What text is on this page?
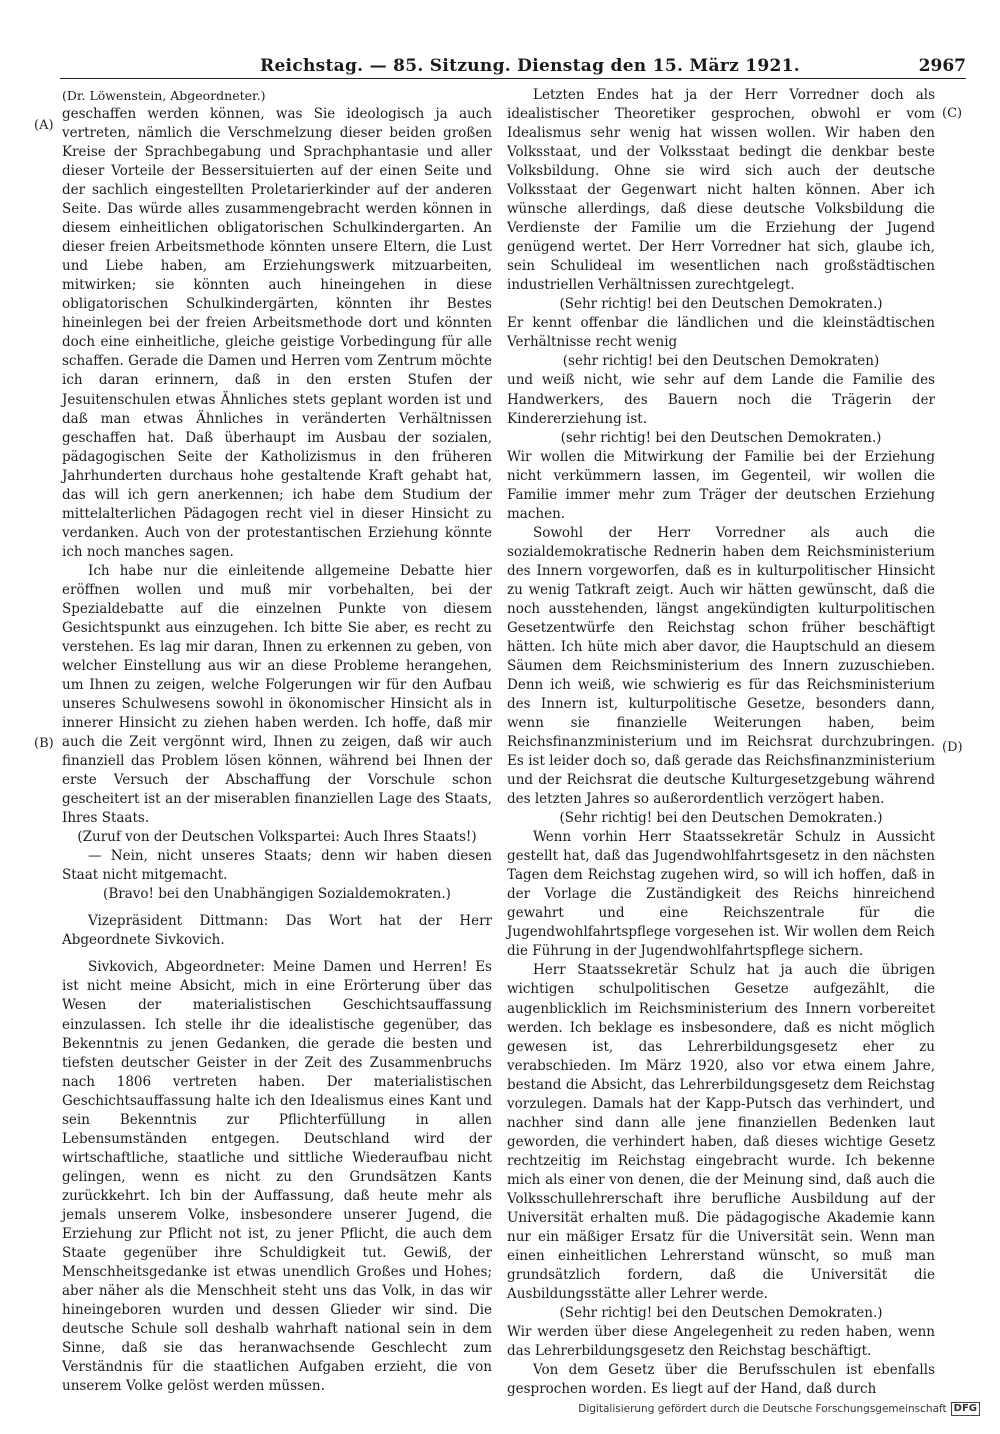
Reichstag. — 85. Sitzung. Dienstag den 15. März 1921.	2967
(A)
(B)
(C)
(D)

(Dr. Löwenstein, Abgeordneter.)

geschaffen werden können, was Sie ideologisch ja auch vertreten, nämlich die Verschmelzung dieser beiden großen Kreise der Sprachbegabung und Sprachphantasie und aller dieser Vorteile der Bessersituierten auf der einen Seite und der sachlich eingestellten Proletarierkinder auf der anderen Seite. Das würde alles zusammengebracht werden können in diesem einheitlichen obligatorischen Schulkindergarten. An dieser freien Arbeitsmethode könnten unsere Eltern, die Lust und Liebe haben, am Erziehungswerk mitzuarbeiten, mitwirken; sie könnten auch hineingehen in diese obligatorischen Schulkindergärten, könnten ihr Bestes hineinlegen bei der freien Arbeitsmethode dort und könnten doch eine einheitliche, gleiche geistige Vorbedingung für alle schaffen. Gerade die Damen und Herren vom Zentrum möchte ich daran erinnern, daß in den ersten Stufen der Jesuitenschulen etwas Ähnliches stets geplant worden ist und daß man etwas Ähnliches in veränderten Verhältnissen geschaffen hat. Daß überhaupt im Ausbau der sozialen, pädagogischen Seite der Katholizismus in den früheren Jahrhunderten durchaus hohe gestaltende Kraft gehabt hat, das will ich gern anerkennen; ich habe dem Studium der mittelalterlichen Pädagogen recht viel in dieser Hinsicht zu verdanken. Auch von der protestantischen Erziehung könnte ich noch manches sagen.

Ich habe nur die einleitende allgemeine Debatte hier eröffnen wollen und muß mir vorbehalten, bei der Spezialdebatte auf die einzelnen Punkte von diesem Gesichtspunkt aus einzugehen. Ich bitte Sie aber, es recht zu verstehen. Es lag mir daran, Ihnen zu erkennen zu geben, von welcher Einstellung aus wir an diese Probleme herangehen, um Ihnen zu zeigen, welche Folgerungen wir für den Aufbau unseres Schulwesens sowohl in ökonomischer Hinsicht als in innerer Hinsicht zu ziehen haben werden. Ich hoffe, daß mir auch die Zeit vergönnt wird, Ihnen zu zeigen, daß wir auch finanziell das Problem lösen können, während bei Ihnen der erste Versuch der Abschaffung der Vorschule schon gescheitert ist an der miserablen finanziellen Lage des Staats, Ihres Staats.

(Zuruf von der Deutschen Volkspartei: Auch Ihres Staats!)

— Nein, nicht unseres Staats; denn wir haben diesen Staat nicht mitgemacht.

(Bravo! bei den Unabhängigen Sozialdemokraten.)

Vizepräsident Dittmann: Das Wort hat der Herr Abgeordnete Sivkovich.

Sivkovich, Abgeordneter: Meine Damen und Herren! Es ist nicht meine Absicht, mich in eine Erörterung über das Wesen der materialistischen Geschichtsauffassung einzulassen. Ich stelle ihr die idealistische gegenüber, das Bekenntnis zu jenen Gedanken, die gerade die besten und tiefsten deutscher Geister in der Zeit des Zusammenbruchs nach 1806 vertreten haben. Der materialistischen Geschichtsauffassung halte ich den Idealismus eines Kant und sein Bekenntnis zur Pflichterfüllung in allen Lebensumständen entgegen. Deutschland wird der wirtschaftliche, staatliche und sittliche Wiederaufbau nicht gelingen, wenn es nicht zu den Grundsätzen Kants zurückkehrt. Ich bin der Auffassung, daß heute mehr als jemals unserem Volke, insbesondere unserer Jugend, die Erziehung zur Pflicht not ist, zu jener Pflicht, die auch dem Staate gegenüber ihre Schuldigkeit tut. Gewiß, der Menschheitsgedanke ist etwas unendlich Großes und Hohes; aber näher als die Menschheit steht uns das Volk, in das wir hineingeboren wurden und dessen Glieder wir sind. Die deutsche Schule soll deshalb wahrhaft national sein in dem Sinne, daß sie das heranwachsende Geschlecht zum Verständnis für die staatlichen Aufgaben erzieht, die von unserem Volke gelöst werden müssen.

Letzten Endes hat ja der Herr Vorredner doch als idealistischer Theoretiker gesprochen, obwohl er vom Idealismus sehr wenig hat wissen wollen. Wir haben den Volksstaat, und der Volksstaat bedingt die denkbar beste Volksbildung. Ohne sie wird sich auch der deutsche Volksstaat der Gegenwart nicht halten können. Aber ich wünsche allerdings, daß diese deutsche Volksbildung die Verdienste der Familie um die Erziehung der Jugend genügend wertet. Der Herr Vorredner hat sich, glaube ich, sein Schulideal im wesentlichen nach großstädtischen industriellen Verhältnissen zurechtgelegt.

(Sehr richtig! bei den Deutschen Demokraten.)

Er kennt offenbar die ländlichen und die kleinstädtischen Verhältnisse recht wenig

(sehr richtig! bei den Deutschen Demokraten)

und weiß nicht, wie sehr auf dem Lande die Familie des Handwerkers, des Bauern noch die Trägerin der Kindererziehung ist.

(sehr richtig! bei den Deutschen Demokraten.)

Wir wollen die Mitwirkung der Familie bei der Erziehung nicht verkümmern lassen, im Gegenteil, wir wollen die Familie immer mehr zum Träger der deutschen Erziehung machen.

Sowohl der Herr Vorredner als auch die sozialdemokratische Rednerin haben dem Reichsministerium des Innern vorgeworfen, daß es in kulturpolitischer Hinsicht zu wenig Tatkraft zeigt. Auch wir hätten gewünscht, daß die noch ausstehenden, längst angekündigten kulturpolitischen Gesetzentwürfe den Reichstag schon früher beschäftigt hätten. Ich hüte mich aber davor, die Hauptschuld an diesem Säumen dem Reichsministerium des Innern zuzuschieben. Denn ich weiß, wie schwierig es für das Reichsministerium des Innern ist, kulturpolitische Gesetze, besonders dann, wenn sie finanzielle Weiterungen haben, beim Reichsfinanzministerium und im Reichsrat durchzubringen. Es ist leider doch so, daß gerade das Reichsfinanzministerium und der Reichsrat die deutsche Kulturgesetzgebung während des letzten Jahres so außerordentlich verzögert haben.

(Sehr richtig! bei den Deutschen Demokraten.)

Wenn vorhin Herr Staatssekretär Schulz in Aussicht gestellt hat, daß das Jugendwohlfahrtsgesetz in den nächsten Tagen dem Reichstag zugehen wird, so will ich hoffen, daß in der Vorlage die Zuständigkeit des Reichs hinreichend gewahrt und eine Reichszentrale für die Jugendwohlfahrtspflege vorgesehen ist. Wir wollen dem Reich die Führung in der Jugendwohlfahrtspflege sichern.

Herr Staatssekretär Schulz hat ja auch die übrigen wichtigen schulpolitischen Gesetze aufgezählt, die augenblicklich im Reichsministerium des Innern vorbereitet werden. Ich beklage es insbesondere, daß es nicht möglich gewesen ist, das Lehrerbildungsgesetz eher zu verabschieden. Im März 1920, also vor etwa einem Jahre, bestand die Absicht, das Lehrerbildungsgesetz dem Reichstag vorzulegen. Damals hat der Kapp-Putsch das verhindert, und nachher sind dann alle jene finanziellen Bedenken laut geworden, die verhindert haben, daß dieses wichtige Gesetz rechtzeitig im Reichstag eingebracht wurde. Ich bekenne mich als einer von denen, die der Meinung sind, daß auch die Volksschullehrerschaft ihre berufliche Ausbildung auf der Universität erhalten muß. Die pädagogische Akademie kann nur ein mäßiger Ersatz für die Universität sein. Wenn man einen einheitlichen Lehrerstand wünscht, so muß man grundsätzlich fordern, daß die Universität die Ausbildungsstätte aller Lehrer werde.

(Sehr richtig! bei den Deutschen Demokraten.)

Wir werden über diese Angelegenheit zu reden haben, wenn das Lehrerbildungsgesetz den Reichstag beschäftigt.

Von dem Gesetz über die Berufsschulen ist ebenfalls gesprochen worden. Es liegt auf der Hand, daß durch

Digitalisierung gefördert durch die Deutsche Forschungsgemeinschaft DFG
